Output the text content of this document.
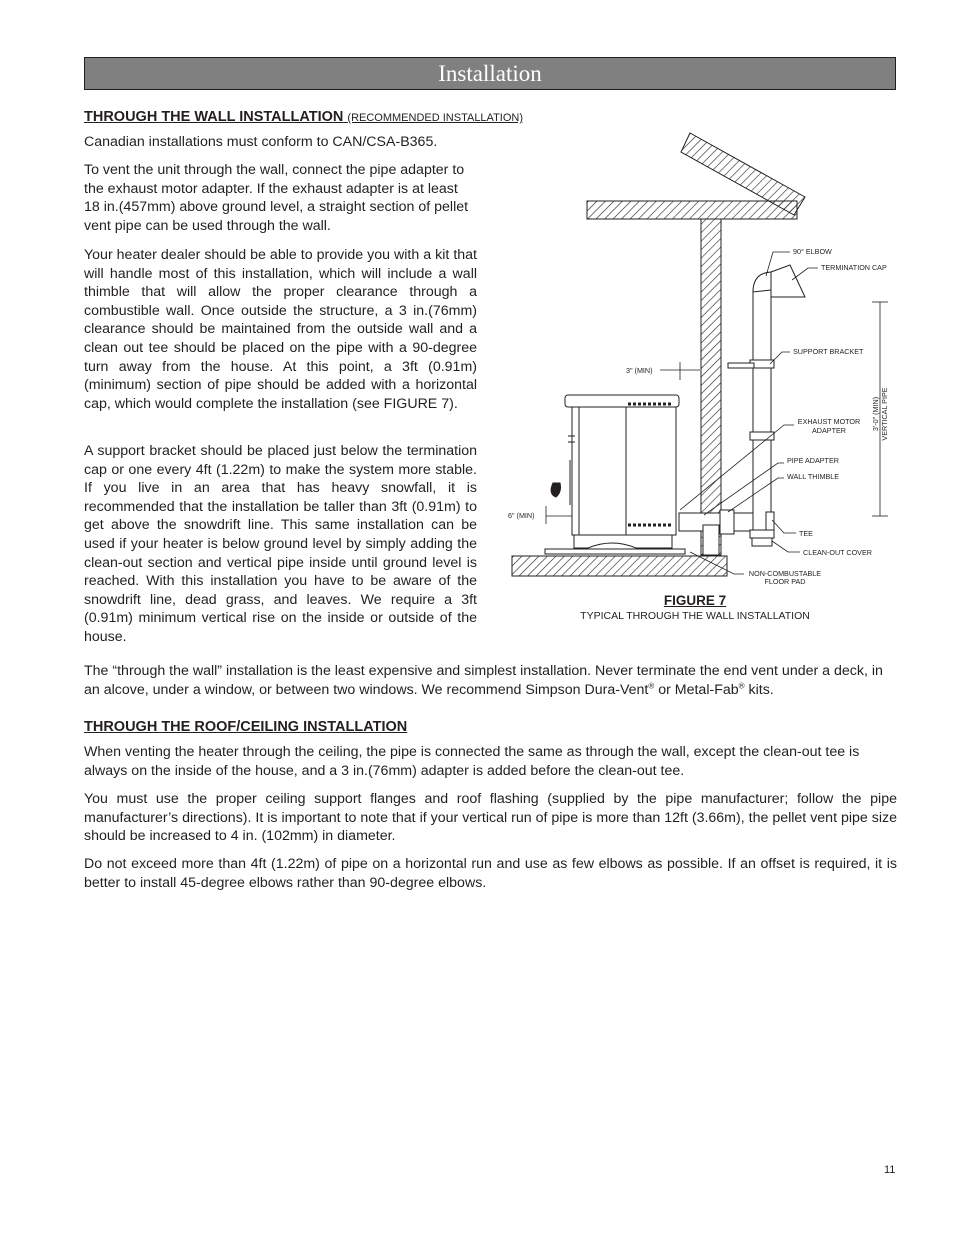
Installation
THROUGH THE WALL INSTALLATION (RECOMMENDED INSTALLATION)

Canadian installations must conform to CAN/CSA-B365.

To vent the unit through the wall, connect the pipe adapter to the exhaust motor adapter. If the exhaust adapter is at least 18 in.(457mm) above ground level, a straight section of pellet vent pipe can be used through the wall.

Your heater dealer should be able to provide you with a kit that will handle most of this installation, which will include a wall thimble that will allow the proper clearance through a combustible wall. Once outside the structure, a 3 in.(76mm) clearance should be maintained from the outside wall and a clean out tee should be placed on the pipe with a 90-degree turn away from the house. At this point, a 3ft (0.91m) (minimum) section of pipe should be added with a horizontal cap, which would complete the installation (see FIGURE 7).

A support bracket should be placed just below the termination cap or one every 4ft (1.22m) to make the system more stable. If you live in an area that has heavy snowfall, it is recommended that the installation be taller than 3ft (0.91m) to get above the snowdrift line. This same installation can be used if your heater is below ground level by simply adding the clean-out section and vertical pipe inside until ground level is reached. With this installation you have to be aware of the snowdrift line, dead grass, and leaves. We require a 3ft (0.91m) minimum vertical rise on the inside or outside of the house.

90° ELBOW
TERMINATION CAP
SUPPORT BRACKET
3" (MIN)
3'-0" (MIN) VERTICAL PIPE
EXHAUST MOTOR
ADAPTER
PIPE ADAPTER
WALL THIMBLE
6" (MIN)
TEE
CLEAN-OUT COVER
NON-COMBUSTABLE
FLOOR PAD
FIGURE 7
TYPICAL THROUGH THE WALL INSTALLATION

The “through the wall” installation is the least expensive and simplest installation. Never terminate the end vent under a deck, in an alcove, under a window, or between two windows. We recommend Simpson Dura-Vent® or Metal-Fab® kits.

THROUGH THE ROOF/CEILING INSTALLATION

When venting the heater through the ceiling, the pipe is connected the same as through the wall, except the clean-out tee is always on the inside of the house, and a 3 in.(76mm) adapter is added before the clean-out tee.

You must use the proper ceiling support flanges and roof flashing (supplied by the pipe manufacturer; follow the pipe manufacturer’s directions). It is important to note that if your vertical run of pipe is more than 12ft (3.66m), the pellet vent pipe size should be increased to 4 in. (102mm) in diameter.

Do not exceed more than 4ft (1.22m) of pipe on a horizontal run and use as few elbows as possible. If an offset is required, it is better to install 45-degree elbows rather than 90-degree elbows.

11
